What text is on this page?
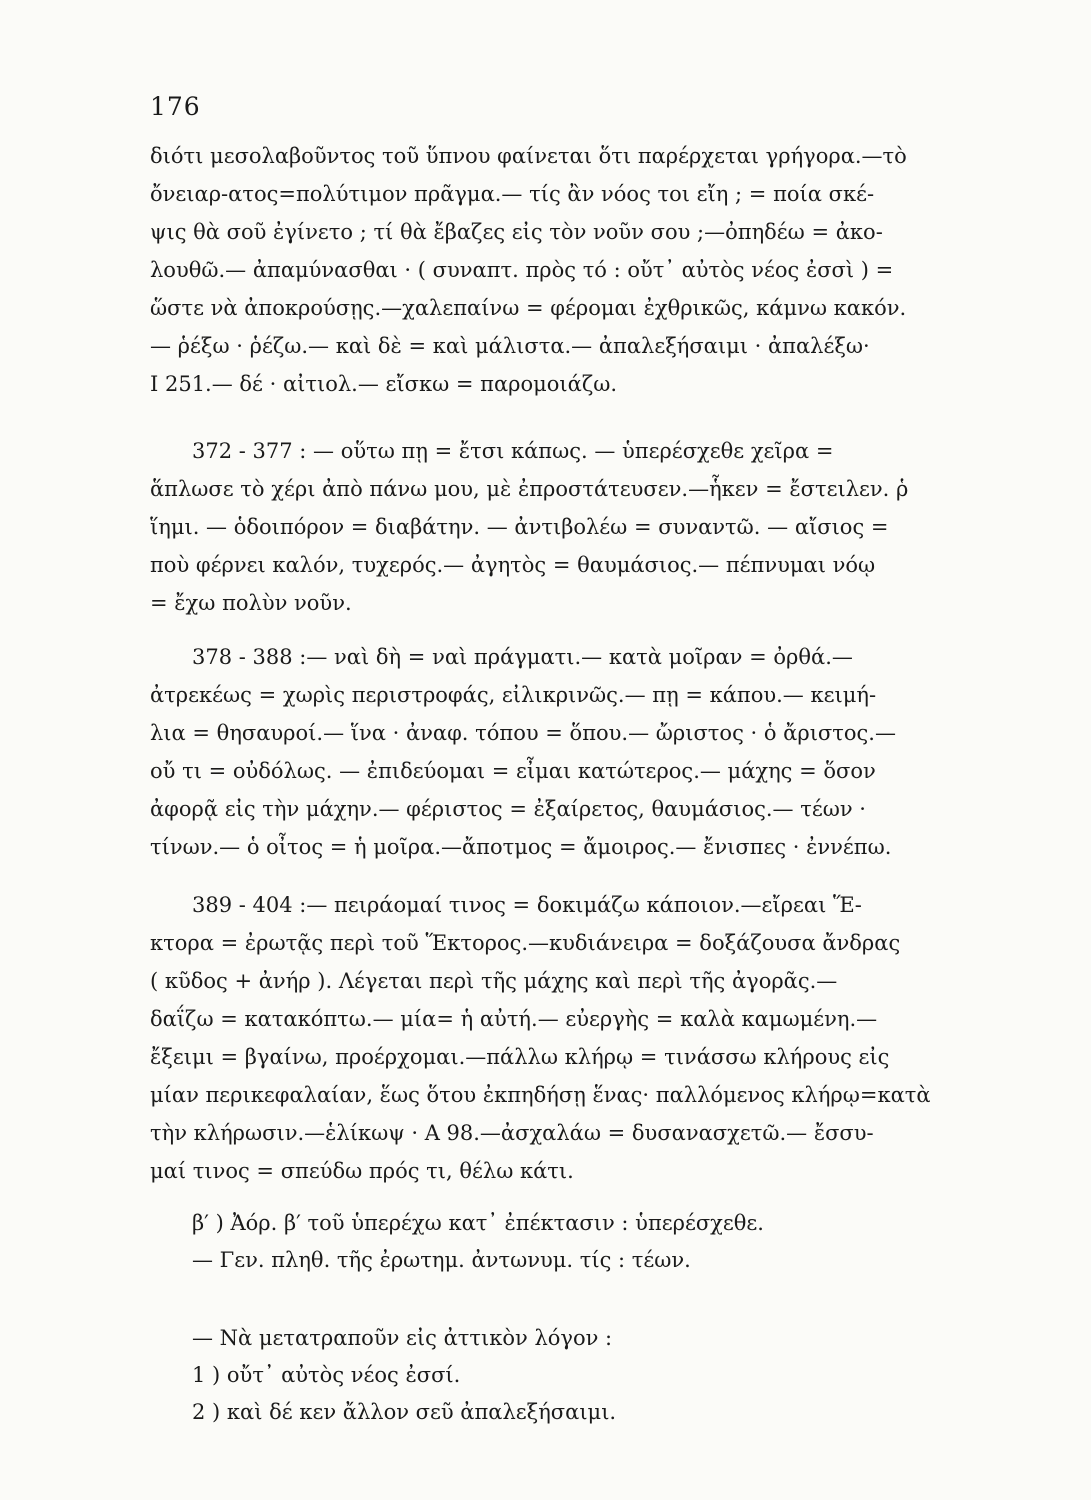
176

διότι μεσολαβοῦντος τοῦ ὕπνου φαίνεται ὅτι παρέρχεται γρήγορα.—τὸ

ὄνειαρ-ατος=πολύτιμον πρᾶγμα.— τίς ἂν νόος τοι εἴη ; = ποία σκέ-

ψις θὰ σοῦ ἐγίνετο ; τί θὰ ἔβαζες εἰς τὸν νοῦν σου ;—ὀπηδέω = ἀκο-

λουθῶ.— ἀπαμύνασθαι · ( συναπτ. πρὸς τό : οὔτ᾽ αὐτὸς νέος ἐσσὶ ) =

ὥστε νὰ ἀποκρούσῃς.—χαλεπαίνω = φέρομαι ἐχθρικῶς, κάμνω κακόν.

— ῥέξω · ῥέζω.— καὶ δὲ = καὶ μάλιστα.— ἀπαλεξήσαιμι · ἀπαλέξω·

Ι 251.— δέ · αἰτιολ.— εἴσκω = παρομοιάζω.

372 - 377 : — οὕτω πῃ = ἔτσι κάπως. — ὑπερέσχεθε χεῖρα =

ἅπλωσε τὸ χέρι ἀπὸ πάνω μου, μὲ ἐπροστάτευσεν.—ἧκεν = ἔστειλεν. ῥ

ἵημι. — ὁδοιπόρον = διαβάτην. — ἀντιβολέω = συναντῶ. — αἴσιος =

ποὺ φέρνει καλόν, τυχερός.— ἀγητὸς = θαυμάσιος.— πέπνυμαι νόῳ

= ἔχω πολὺν νοῦν.

378 - 388 :— ναὶ δὴ = ναὶ πράγματι.— κατὰ μοῖραν = ὀρθά.—

ἀτρεκέως = χωρὶς περιστροφάς, εἰλικρινῶς.— πῃ = κάπου.— κειμή-

λια = θησαυροί.— ἵνα · ἀναφ. τόπου = ὅπου.— ὤριστος · ὁ ἄριστος.—

οὔ τι = οὐδόλως. — ἐπιδεύομαι = εἶμαι κατώτερος.— μάχης = ὅσον

ἀφορᾷ εἰς τὴν μάχην.— φέριστος = ἐξαίρετος, θαυμάσιος.— τέων ·

τίνων.— ὁ οἶτος = ἡ μοῖρα.—ἄποτμος = ἄμοιρος.— ἔνισπες · ἐννέπω.

389 - 404 :— πειράομαί τινος = δοκιμάζω κάποιον.—εἴρεαι Ἕ-

κτορα = ἐρωτᾷς περὶ τοῦ Ἕκτορος.—κυδιάνειρα = δοξάζουσα ἄνδρας

( κῦδος + ἀνήρ ). Λέγεται περὶ τῆς μάχης καὶ περὶ τῆς ἀγορᾶς.—

δαΐζω = κατακόπτω.— μία= ἡ αὐτή.— εὐεργὴς = καλὰ καμωμένη.—

ἔξειμι = βγαίνω, προέρχομαι.—πάλλω κλήρῳ = τινάσσω κλήρους εἰς

μίαν περικεφαλαίαν, ἕως ὅτου ἐκπηδήσῃ ἕνας· παλλόμενος κλήρῳ=κατὰ

τὴν κλήρωσιν.—ἑλίκωψ · Α 98.—ἀσχαλάω = δυσανασχετῶ.— ἔσσυ-

μαί τινος = σπεύδω πρός τι, θέλω κάτι.

β′ ) Ἀόρ. β′ τοῦ ὑπερέχω κατ᾽ ἐπέκτασιν : ὑπερέσχεθε.

— Γεν. πληθ. τῆς ἐρωτημ. ἀντωνυμ. τίς : τέων.

— Νὰ μετατραποῦν εἰς ἀττικὸν λόγον :

1 ) οὔτ᾽ αὐτὸς νέος ἐσσί.

2 ) καὶ δέ κεν ἄλλον σεῦ ἀπαλεξήσαιμι.
